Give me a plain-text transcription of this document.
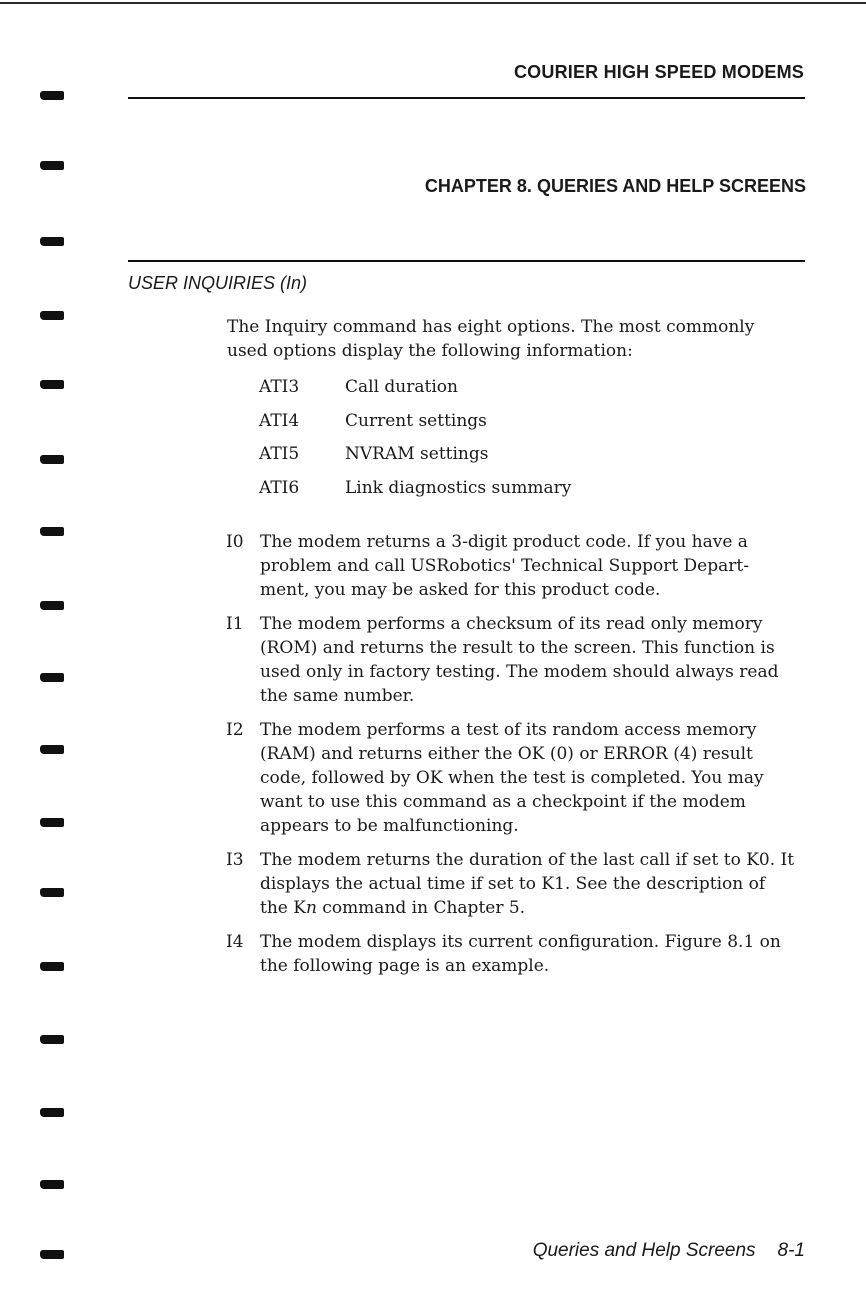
COURIER HIGH SPEED MODEMS
CHAPTER 8. QUERIES AND HELP SCREENS
USER INQUIRIES (In)

The Inquiry command has eight options. The most commonly used options display the following information:

ATI3	Call duration
ATI4	Current settings
ATI5	NVRAM settings
ATI6	Link diagnostics summary
I0 The modem returns a 3-digit product code. If you have a problem and call USRobotics' Technical Support Depart-ment, you may be asked for this product code.
I1 The modem performs a checksum of its read only memory (ROM) and returns the result to the screen. This function is used only in factory testing. The modem should always read the same number.
I2 The modem performs a test of its random access memory (RAM) and returns either the OK (0) or ERROR (4) result code, followed by OK when the test is completed. You may want to use this command as a checkpoint if the modem appears to be malfunctioning.
I3 The modem returns the duration of the last call if set to K0. It displays the actual time if set to K1. See the description of the Kn command in Chapter 5.
I4 The modem displays its current configuration. Figure 8.1 on the following page is an example.
Queries and Help Screens 8-1
